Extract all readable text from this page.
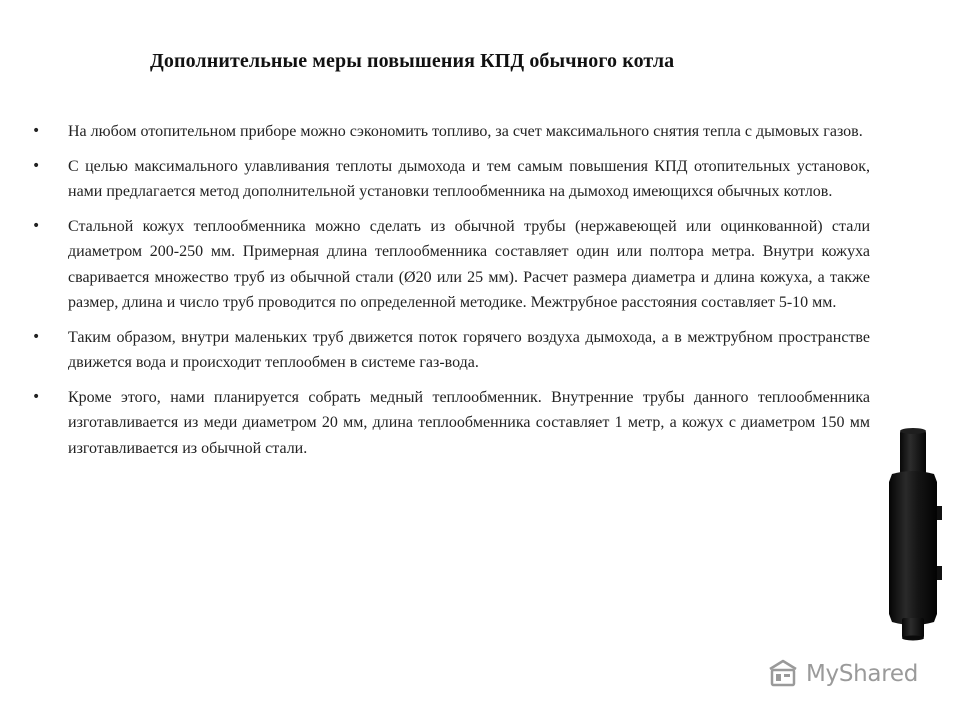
Дополнительные меры повышения КПД обычного котла
• На любом отопительном приборе можно сэкономить топливо, за счет максимального снятия тепла с дымовых газов.
• С целью максимального улавливания теплоты дымохода и тем самым повышения КПД отопительных установок, нами предлагается метод дополнительной установки теплообменника на дымоход имеющихся обычных котлов.
• Стальной кожух теплообменника можно сделать из обычной трубы (нержавеющей или оцинкованной) стали диаметром 200-250 мм. Примерная длина теплообменника составляет один или полтора метра. Внутри кожуха сваривается множество труб из обычной стали (Ø20 или 25 мм). Расчет размера диаметра и длина кожуха, а также размер, длина и число труб проводится по определенной методике. Межтрубное расстояния составляет 5-10 мм.
• Таким образом, внутри маленьких труб движется поток горячего воздуха дымохода, а в межтрубном пространстве движется вода и происходит теплообмен в системе газ-вода.
• Кроме этого, нами планируется собрать медный теплообменник. Внутренние трубы данного теплообменника изготавливается из меди диаметром 20 мм, длина теплообменника составляет 1 метр, а кожух с диаметром 150 мм изготавливается из обычной стали.
MyShared
